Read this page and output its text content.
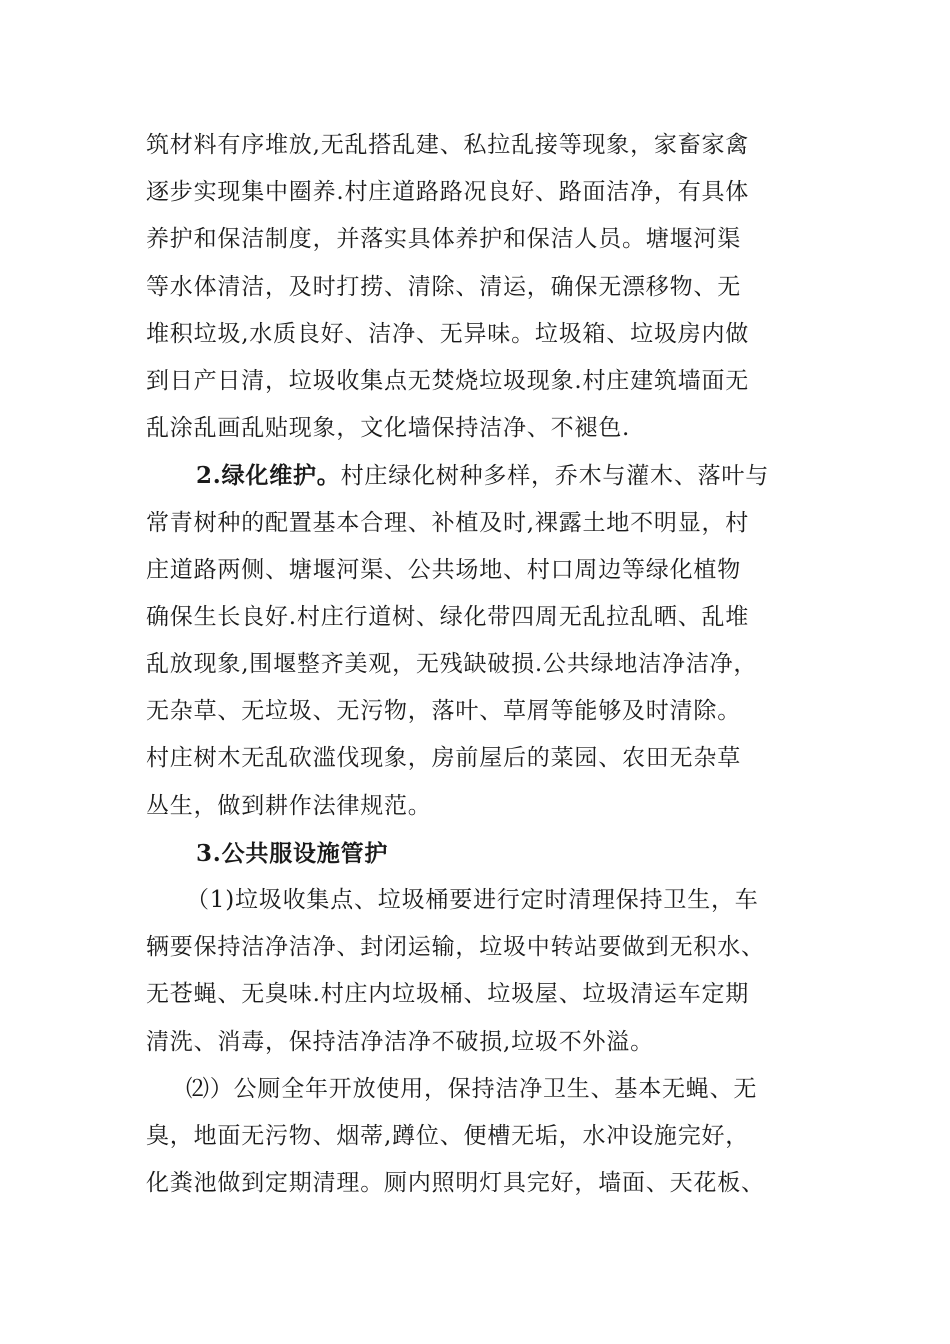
筑材料有序堆放,无乱搭乱建、私拉乱接等现象，家畜家禽
逐步实现集中圈养.村庄道路路况良好、路面洁净，有具体
养护和保洁制度，并落实具体养护和保洁人员。塘堰河渠
等水体清洁，及时打捞、清除、清运，确保无漂移物、无
堆积垃圾,水质良好、洁净、无异味。垃圾箱、垃圾房内做
到日产日清，垃圾收集点无焚烧垃圾现象.村庄建筑墙面无
乱涂乱画乱贴现象，文化墙保持洁净、不褪色.
2.绿化维护。村庄绿化树种多样，乔木与灌木、落叶与
常青树种的配置基本合理、补植及时,裸露土地不明显，村
庄道路两侧、塘堰河渠、公共场地、村口周边等绿化植物
确保生长良好.村庄行道树、绿化带四周无乱拉乱晒、乱堆
乱放现象,围堰整齐美观，无残缺破损.公共绿地洁净洁净，
无杂草、无垃圾、无污物，落叶、草屑等能够及时清除。
村庄树木无乱砍滥伐现象，房前屋后的菜园、农田无杂草
丛生，做到耕作法律规范。
3.公共服设施管护
（1)垃圾收集点、垃圾桶要进行定时清理保持卫生，车
辆要保持洁净洁净、封闭运输，垃圾中转站要做到无积水、
无苍蝇、无臭味.村庄内垃圾桶、垃圾屋、垃圾清运车定期
清洗、消毒，保持洁净洁净不破损,垃圾不外溢。
⑵）公厕全年开放使用，保持洁净卫生、基本无蝇、无
臭，地面无污物、烟蒂,蹲位、便槽无垢，水冲设施完好，
化粪池做到定期清理。厕内照明灯具完好，墙面、天花板、
